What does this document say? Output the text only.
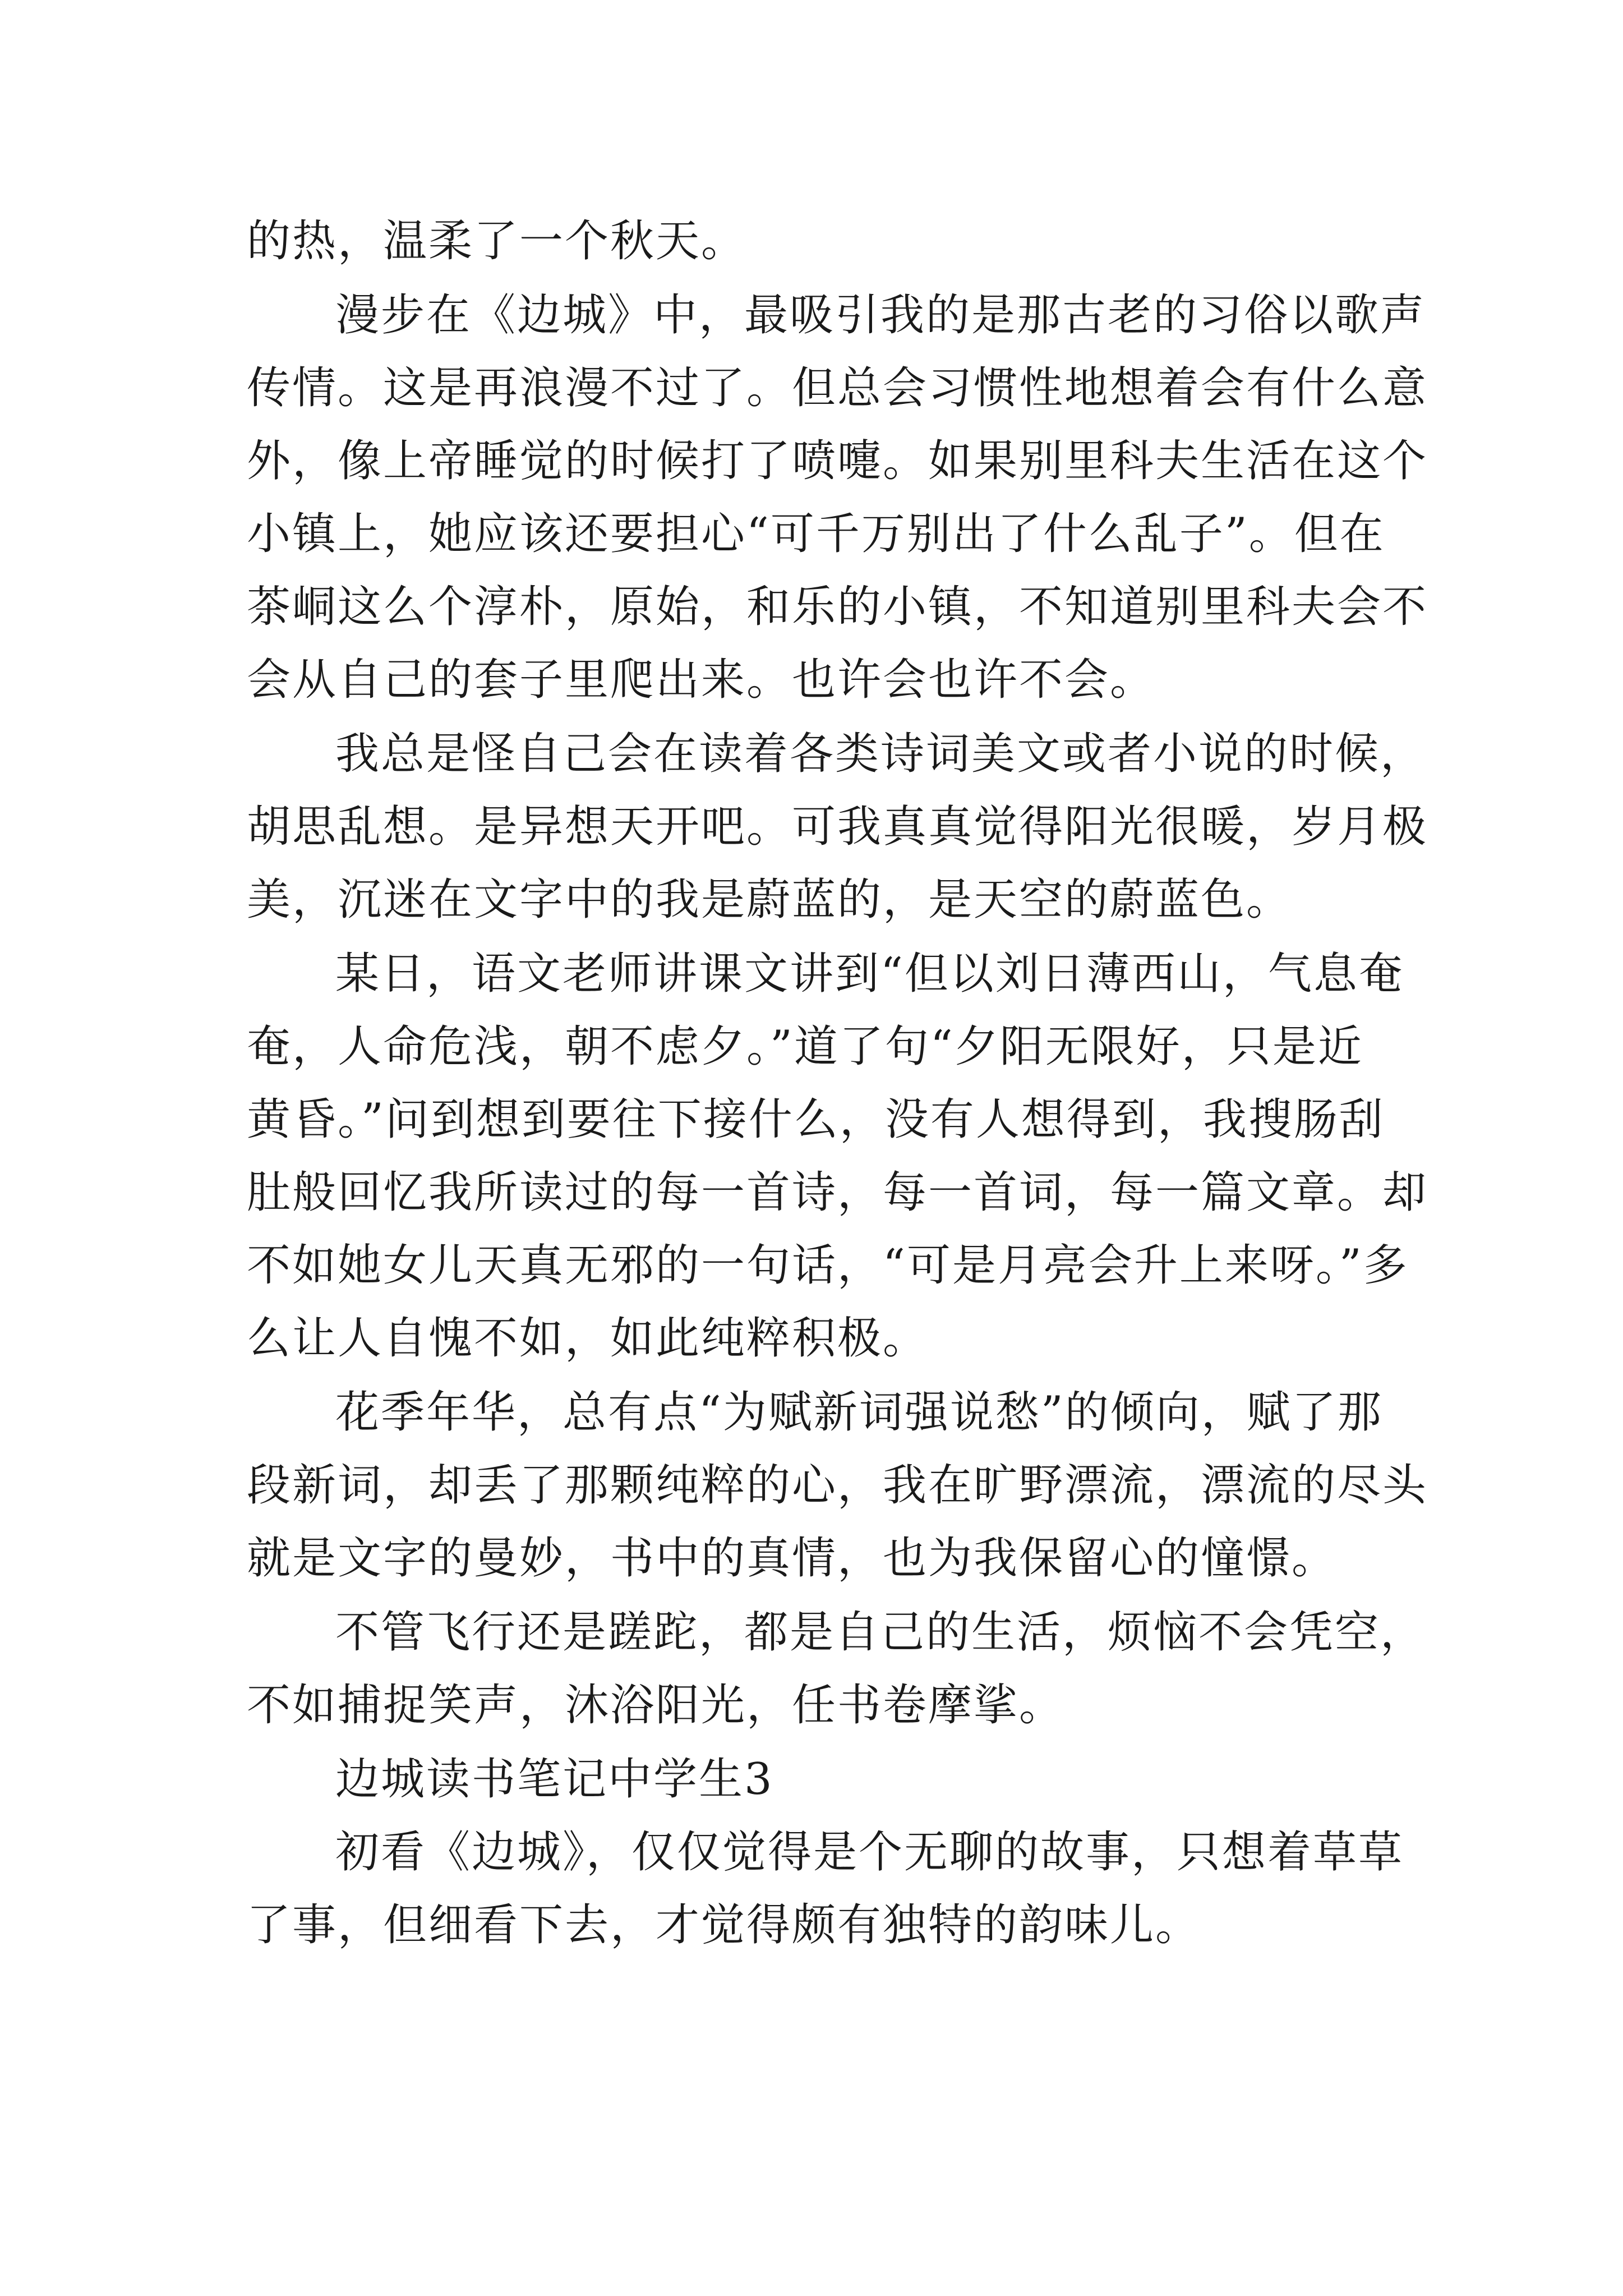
的热，温柔了一个秋天。

漫步在《边城》中，最吸引我的是那古老的习俗以歌声

传情。这是再浪漫不过了。但总会习惯性地想着会有什么意

外，像上帝睡觉的时候打了喷嚏。如果别里科夫生活在这个

小镇上，她应该还要担心“可千万别出了什么乱子”。但在

茶峒这么个淳朴，原始，和乐的小镇，不知道别里科夫会不

会从自己的套子里爬出来。也许会也许不会。

我总是怪自己会在读着各类诗词美文或者小说的时候，

胡思乱想。是异想天开吧。可我真真觉得阳光很暖，岁月极

美，沉迷在文字中的我是蔚蓝的，是天空的蔚蓝色。

某日，语文老师讲课文讲到“但以刘日薄西山，气息奄

奄，人命危浅，朝不虑夕。”道了句“夕阳无限好，只是近

黄昏。”问到想到要往下接什么，没有人想得到，我搜肠刮

肚般回忆我所读过的每一首诗，每一首词，每一篇文章。却

不如她女儿天真无邪的一句话，“可是月亮会升上来呀。”多

么让人自愧不如，如此纯粹积极。

花季年华，总有点“为赋新词强说愁”的倾向，赋了那

段新词，却丢了那颗纯粹的心，我在旷野漂流，漂流的尽头

就是文字的曼妙，书中的真情，也为我保留心的憧憬。

不管飞行还是蹉跎，都是自己的生活，烦恼不会凭空，

不如捕捉笑声，沐浴阳光，任书卷摩挲。

边城读书笔记中学生3

初看《边城》，仅仅觉得是个无聊的故事，只想着草草

了事，但细看下去，才觉得颇有独特的韵味儿。
